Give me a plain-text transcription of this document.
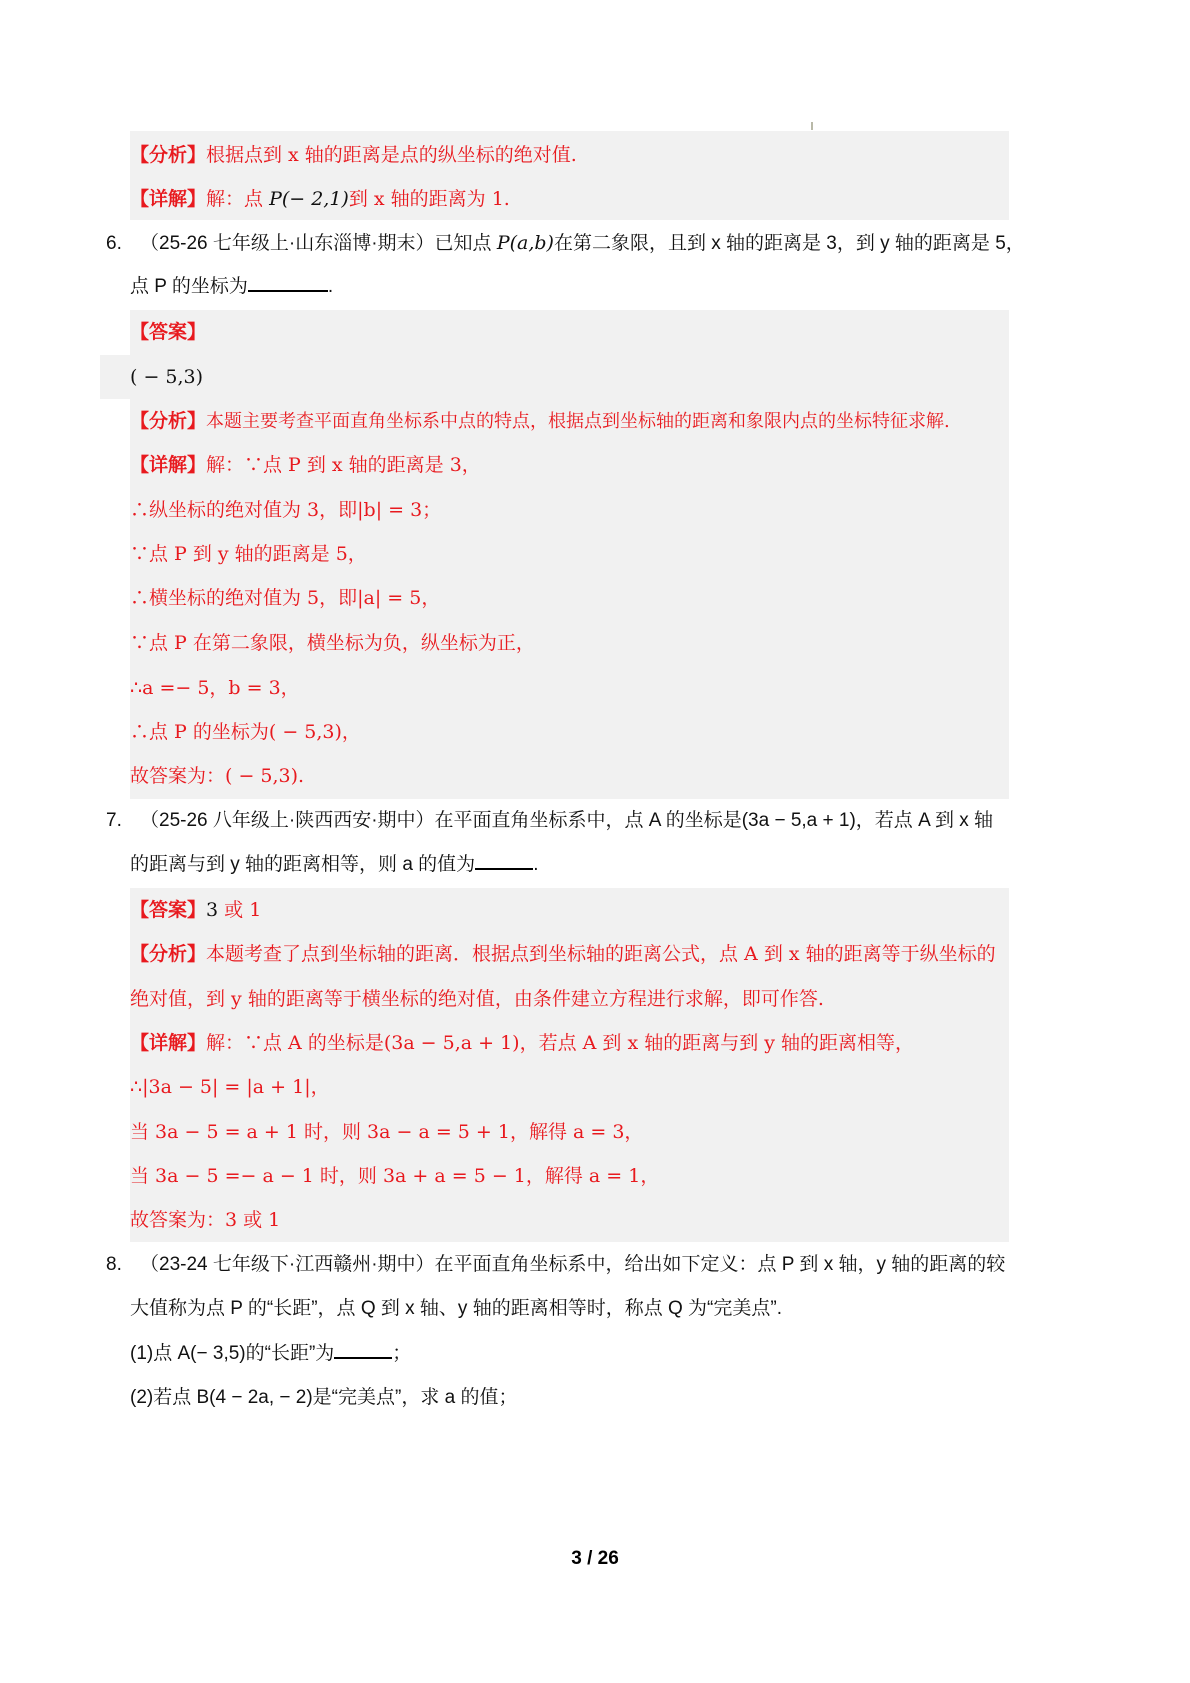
【分析】根据点到 x 轴的距离是点的纵坐标的绝对值.
【详解】解：点 P(− 2,1)到 x 轴的距离为 1.
6. （25-26 七年级上·山东淄博·期末）已知点 P(a,b)在第二象限，且到 x 轴的距离是 3，到 y 轴的距离是 5，
点 P 的坐标为	.
【答案】
( − 5,3)
【分析】本题主要考查平面直角坐标系中点的特点，根据点到坐标轴的距离和象限内点的坐标特征求解.
【详解】解：∵点 P 到 x 轴的距离是 3，
∴纵坐标的绝对值为 3，即|b| = 3；
∵点 P 到 y 轴的距离是 5，
∴横坐标的绝对值为 5，即|a| = 5，
∵点 P 在第二象限，横坐标为负，纵坐标为正，
∴a =− 5，b = 3，
∴点 P 的坐标为( − 5,3)，
故答案为：( − 5,3).
7. （25-26 八年级上·陕西西安·期中）在平面直角坐标系中，点 A 的坐标是(3a − 5,a + 1)，若点 A 到 x 轴
的距离与到 y 轴的距离相等，则 a 的值为	.
【答案】3 或 1
【分析】本题考查了点到坐标轴的距离．根据点到坐标轴的距离公式，点 A 到 x 轴的距离等于纵坐标的
绝对值，到 y 轴的距离等于横坐标的绝对值，由条件建立方程进行求解，即可作答.
【详解】解：∵点 A 的坐标是(3a − 5,a + 1)，若点 A 到 x 轴的距离与到 y 轴的距离相等，
∴|3a − 5| = |a + 1|，
当 3a − 5 = a + 1 时，则 3a − a = 5 + 1，解得 a = 3，
当 3a − 5 =− a − 1 时，则 3a + a = 5 − 1，解得 a = 1，
故答案为：3 或 1
8. （23-24 七年级下·江西赣州·期中）在平面直角坐标系中，给出如下定义：点 P 到 x 轴，y 轴的距离的较
大值称为点 P 的“长距”，点 Q 到 x 轴、y 轴的距离相等时，称点 Q 为“完美点”.
(1)点 A(− 3,5)的“长距”为	；
(2)若点 B(4 − 2a, − 2)是“完美点”，求 a 的值；
3 / 26
